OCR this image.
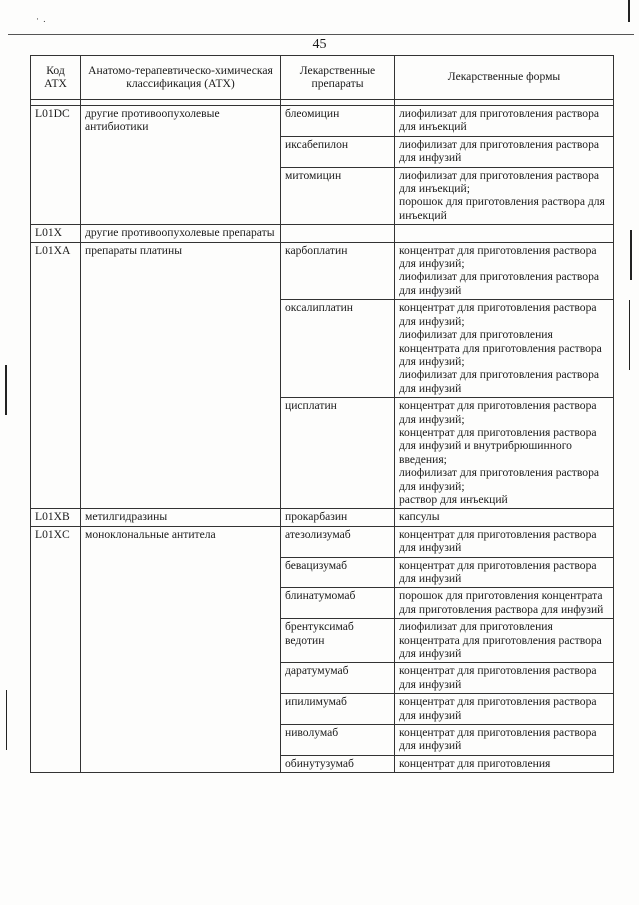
· .
45
Код АТХ	Анатомо-терапевтическо-химическая классификация (АТХ)	Лекарственные препараты	Лекарственные формы

L01DC	другие противоопухолевые антибиотики	блеомицин	лиофилизат для приготовления раствора для инъекций

		иксабепилон	лиофилизат для приготовления раствора для инфузий

		митомицин	лиофилизат для приготовления раствора для инъекций;
порошок для приготовления раствора для инъекций

L01X	другие противоопухолевые препараты		
L01XA	препараты платины	карбоплатин	концентрат для приготовления раствора для инфузий;
лиофилизат для приготовления раствора для инфузий

		оксалиплатин	концентрат для приготовления раствора для инфузий;
лиофилизат для приготовления концентрата для приготовления раствора для инфузий;
лиофилизат для приготовления раствора для инфузий

		цисплатин	концентрат для приготовления раствора для инфузий;
концентрат для приготовления раствора для инфузий и внутрибрюшинного введения;
лиофилизат для приготовления раствора для инфузий;
раствор для инъекций

L01XB	метилгидразины	прокарбазин	капсулы

L01XC	моноклональные антитела	атезолизумаб	концентрат для приготовления раствора для инфузий

		бевацизумаб	концентрат для приготовления раствора для инфузий

		блинатумомаб	порошок для приготовления концентрата для приготовления раствора для инфузий

		брентуксимаб ведотин	лиофилизат для приготовления концентрата для приготовления раствора для инфузий

		даратумумаб	концентрат для приготовления раствора для инфузий

		ипилимумаб	концентрат для приготовления раствора для инфузий

		ниволумаб	концентрат для приготовления раствора для инфузий

		обинутузумаб	концентрат для приготовления
